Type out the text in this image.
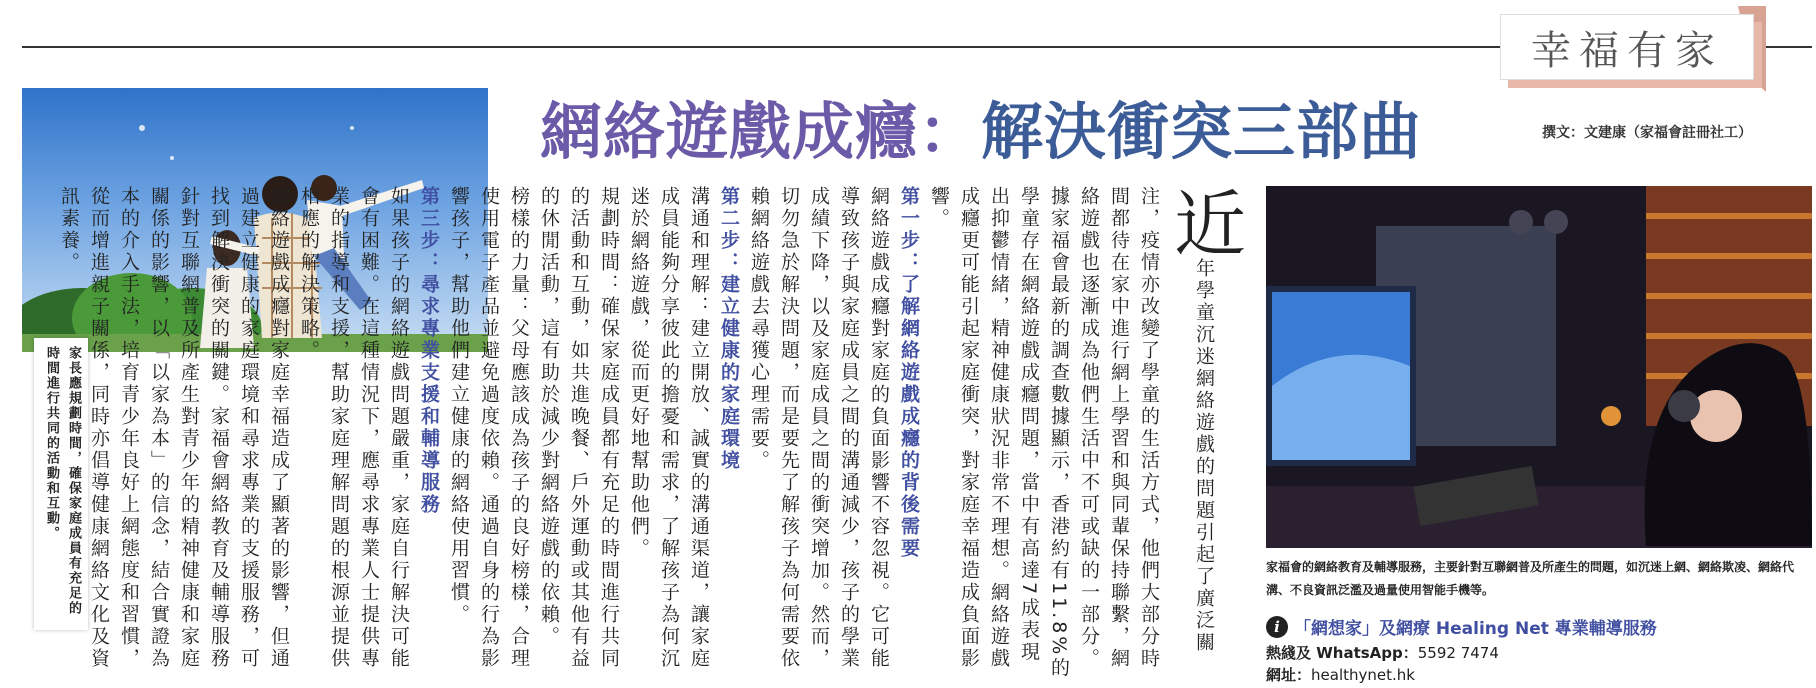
幸福有家
網絡遊戲成癮：解決衝突三部曲	撰文：文建康（家福會註冊社工）
家長應規劃時間，確保家庭成員有充足的時間進行共同的活動和互動。
近年學童沉迷網絡遊戲的問題引起了廣泛關注，疫情亦改變了學童的生活方式，他們大部分時間都待在家中進行網上學習和與同輩保持聯繫，網絡遊戲也逐漸成為他們生活中不可或缺的一部分。據家福會最新的調查數據顯示，香港約有11.8%的學童存在網絡遊戲成癮問題，當中有高達7成表現出抑鬱情緒，精神健康狀況非常不理想。網絡遊戲成癮更可能引起家庭衝突，對家庭幸福造成負面影響。

第一步：了解網絡遊戲成癮的背後需要

網絡遊戲成癮對家庭的負面影響不容忽視。它可能導致孩子與家庭成員之間的溝通減少，孩子的學業成績下降，以及家庭成員之間的衝突增加。然而，切勿急於解決問題，而是要先了解孩子為何需要依賴網絡遊戲去尋獲心理需要。

第二步：建立健康的家庭環境

溝通和理解：建立開放、誠實的溝通渠道，讓家庭成員能夠分享彼此的擔憂和需求，了解孩子為何沉迷於網絡遊戲，從而更好地幫助他們。

規劃時間：確保家庭成員都有充足的時間進行共同的活動和互動，如共進晚餐、戶外運動或其他有益的休閒活動，這有助於減少對網絡遊戲的依賴。

榜樣的力量：父母應該成為孩子的良好榜樣，合理使用電子產品並避免過度依賴。通過自身的行為影響孩子，幫助他們建立健康的網絡使用習慣。

第三步：尋求專業支援和輔導服務

如果孩子的網絡遊戲問題嚴重，家庭自行解決可能會有困難。在這種情況下，應尋求專業人士提供專業的指導和支援，幫助家庭理解問題的根源並提供相應的解決策略。

網絡遊戲成癮對家庭幸福造成了顯著的影響，但通過建立健康的家庭環境和尋求專業的支援服務，可找到解決衝突的關鍵。家福會網絡教育及輔導服務針對互聯網普及所產生對青少年的精神健康和家庭關係的影響，以「以家為本」的信念，結合實證為本的介入手法，培育青少年良好上網態度和習慣，從而增進親子關係，同時亦倡導健康網絡文化及資訊素養。

家福會的網絡教育及輔導服務，主要針對互聯網普及所產生的問題，如沉迷上網、網絡欺凌、網絡代溝、不良資訊泛濫及過量使用智能手機等。
i 「網想家」及網療 Healing Net 專業輔導服務
熱綫及 WhatsApp：5592 7474
網址：healthynet.hk
